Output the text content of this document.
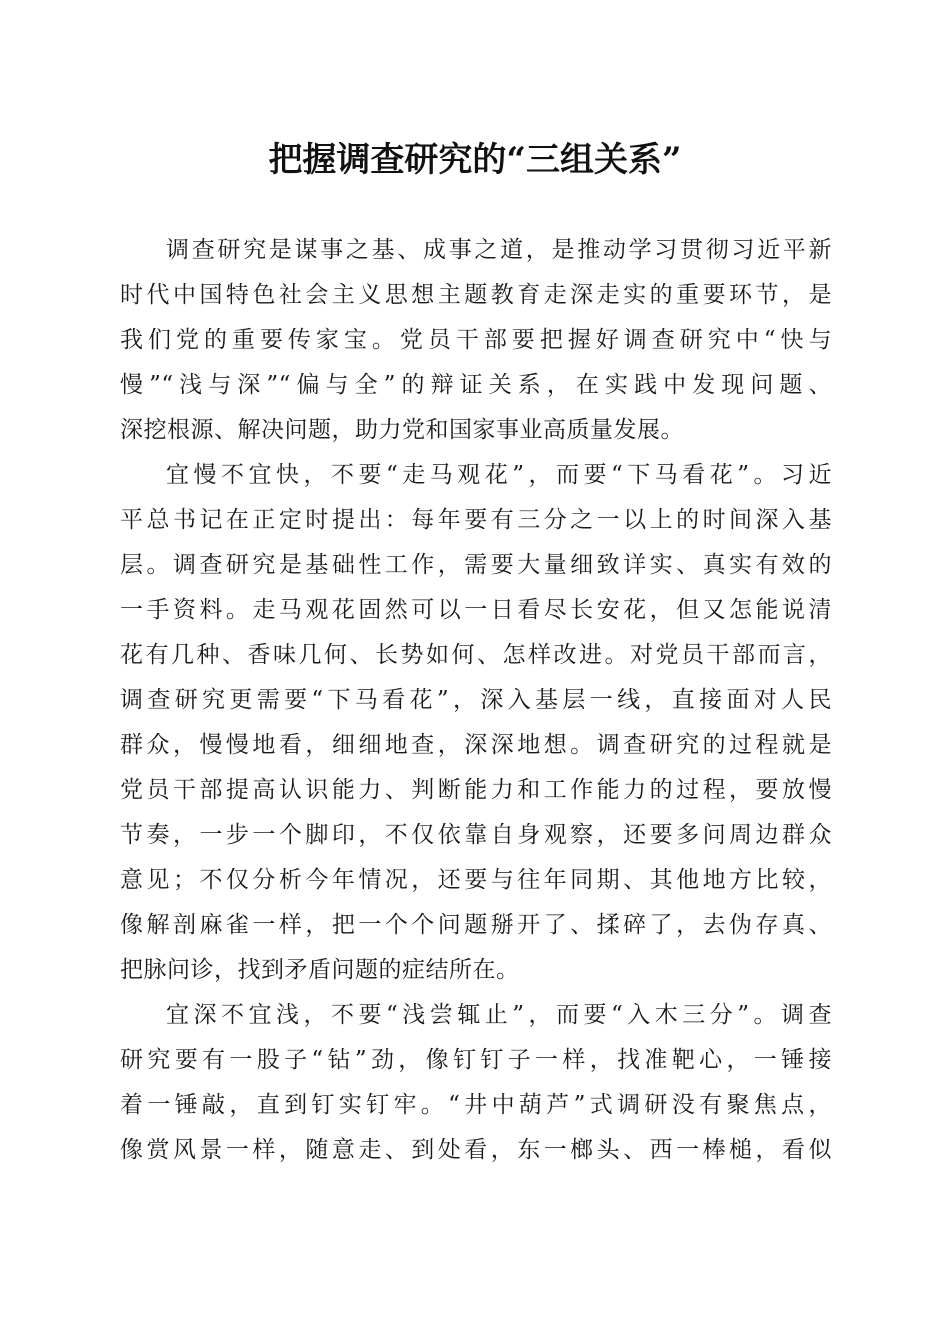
把握调查研究的“三组关系”
调查研究是谋事之基、成事之道，是推动学习贯彻习近平新
时代中国特色社会主义思想主题教育走深走实的重要环节，是
我们党的重要传家宝。党员干部要把握好调查研究中“快与
慢”“浅与深”“偏与全”的辩证关系，在实践中发现问题、
深挖根源、解决问题，助力党和国家事业高质量发展。
宜慢不宜快，不要“走马观花”，而要“下马看花”。习近
平总书记在正定时提出：每年要有三分之一以上的时间深入基
层。调查研究是基础性工作，需要大量细致详实、真实有效的
一手资料。走马观花固然可以一日看尽长安花，但又怎能说清
花有几种、香味几何、长势如何、怎样改进。对党员干部而言，
调查研究更需要“下马看花”，深入基层一线，直接面对人民
群众，慢慢地看，细细地查，深深地想。调查研究的过程就是
党员干部提高认识能力、判断能力和工作能力的过程，要放慢
节奏，一步一个脚印，不仅依靠自身观察，还要多问周边群众
意见；不仅分析今年情况，还要与往年同期、其他地方比较，
像解剖麻雀一样，把一个个问题掰开了、揉碎了，去伪存真、
把脉问诊，找到矛盾问题的症结所在。
宜深不宜浅，不要“浅尝辄止”，而要“入木三分”。调查
研究要有一股子“钻”劲，像钉钉子一样，找准靶心，一锤接
着一锤敲，直到钉实钉牢。“井中葫芦”式调研没有聚焦点，
像赏风景一样，随意走、到处看，东一榔头、西一棒槌，看似
